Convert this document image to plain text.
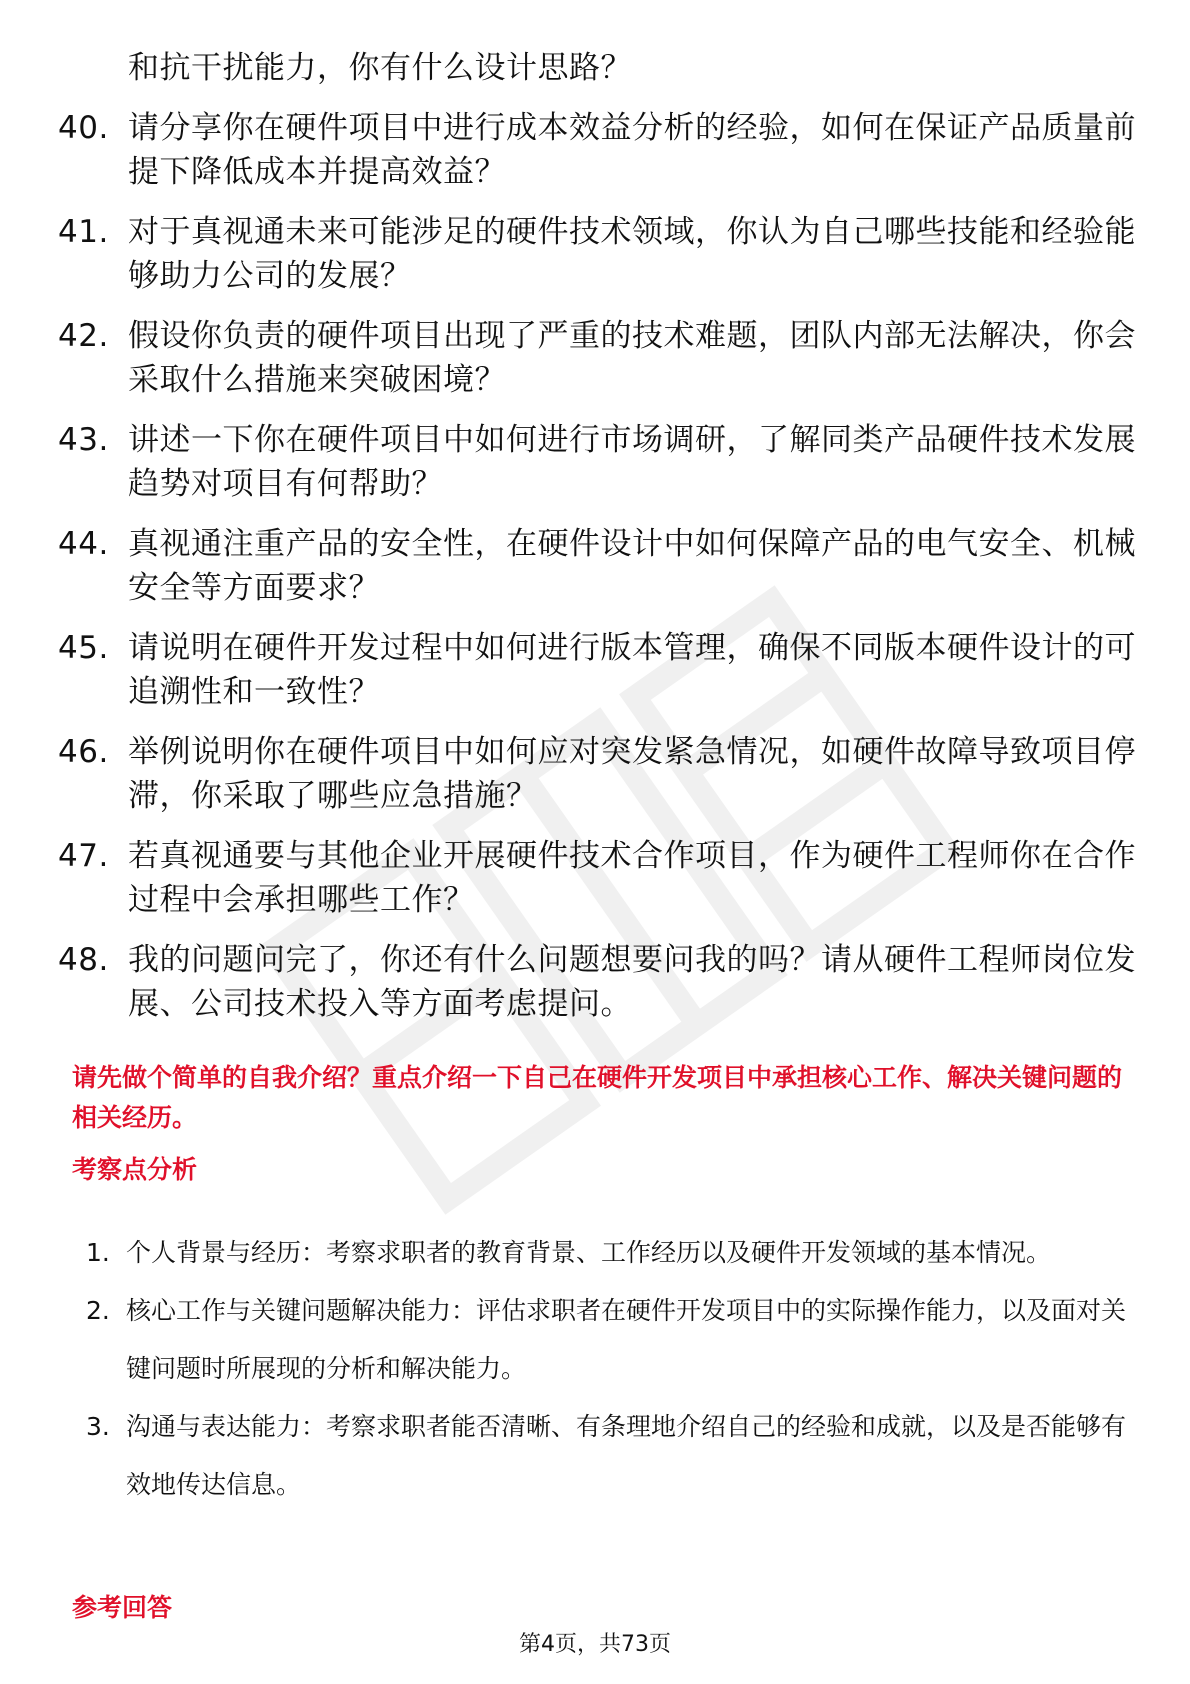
和抗干扰能力，你有什么设计思路？
40. 请分享你在硬件项目中进行成本效益分析的经验，如何在保证产品质量前提下降低成本并提高效益？
41. 对于真视通未来可能涉足的硬件技术领域，你认为自己哪些技能和经验能够助力公司的发展？
42. 假设你负责的硬件项目出现了严重的技术难题，团队内部无法解决，你会采取什么措施来突破困境？
43. 讲述一下你在硬件项目中如何进行市场调研，了解同类产品硬件技术发展趋势对项目有何帮助？
44. 真视通注重产品的安全性，在硬件设计中如何保障产品的电气安全、机械安全等方面要求？
45. 请说明在硬件开发过程中如何进行版本管理，确保不同版本硬件设计的可追溯性和一致性？
46. 举例说明你在硬件项目中如何应对突发紧急情况，如硬件故障导致项目停滞，你采取了哪些应急措施？
47. 若真视通要与其他企业开展硬件技术合作项目，作为硬件工程师你在合作过程中会承担哪些工作？
48. 我的问题问完了，你还有什么问题想要问我的吗？请从硬件工程师岗位发展、公司技术投入等方面考虑提问。

请先做个简单的自我介绍？重点介绍一下自己在硬件开发项目中承担核心工作、解决关键问题的相关经历。

考察点分析
1. 个人背景与经历：考察求职者的教育背景、工作经历以及硬件开发领域的基本情况。
2. 核心工作与关键问题解决能力：评估求职者在硬件开发项目中的实际操作能力，以及面对关键问题时所展现的分析和解决能力。
3. 沟通与表达能力：考察求职者能否清晰、有条理地介绍自己的经验和成就，以及是否能够有效地传达信息。
参考回答
第4页，共73页
